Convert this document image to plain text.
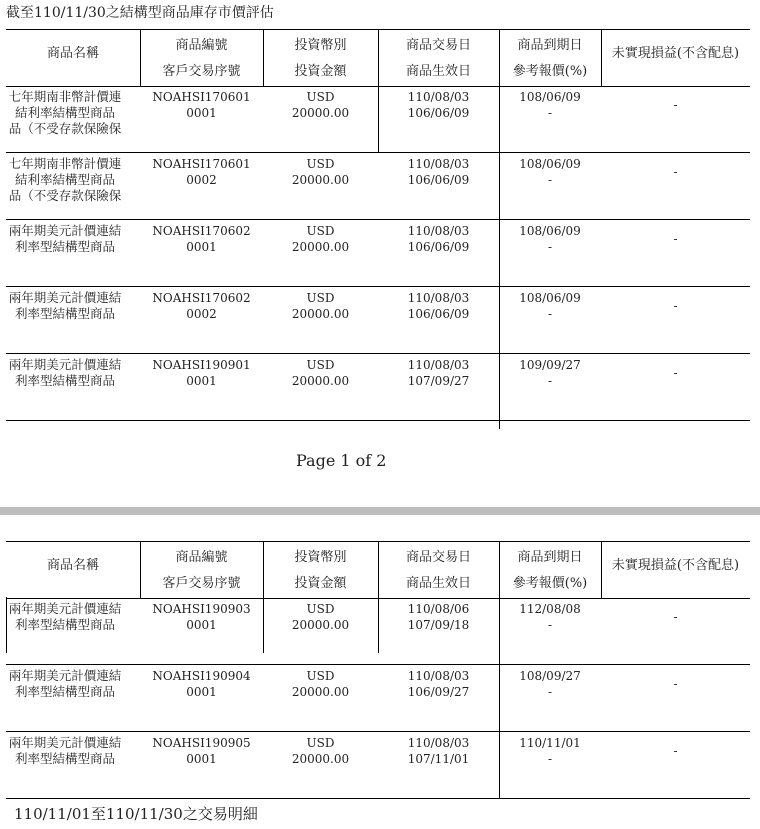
截至110/11/30之結構型商品庫存市價評估
商品名稱
商品編號
客戶交易序號
投資幣別
投資金額
商品交易日
商品生效日
商品到期日
參考報價(%)
未實現損益(不含配息)
七年期南非幣計價連
結利率結構型商品
品（不受存款保險保
NOAHSI170601
0001
USD
20000.00
110/08/03
106/06/09
108/06/09
-
-
七年期南非幣計價連
結利率結構型商品
品（不受存款保險保
NOAHSI170601
0002
USD
20000.00
110/08/03
106/06/09
108/06/09
-
-
兩年期美元計價連結
利率型結構型商品
NOAHSI170602
0001
USD
20000.00
110/08/03
106/06/09
108/06/09
-
-
兩年期美元計價連結
利率型結構型商品
NOAHSI170602
0002
USD
20000.00
110/08/03
106/06/09
108/06/09
-
-
兩年期美元計價連結
利率型結構型商品
NOAHSI190901
0001
USD
20000.00
110/08/03
107/09/27
109/09/27
-
-
Page 1 of 2
商品名稱
商品編號
客戶交易序號
投資幣別
投資金額
商品交易日
商品生效日
商品到期日
參考報價(%)
未實現損益(不含配息)
兩年期美元計價連結
利率型結構型商品
NOAHSI190903
0001
USD
20000.00
110/08/06
107/09/18
112/08/08
-
-
兩年期美元計價連結
利率型結構型商品
NOAHSI190904
0001
USD
20000.00
110/08/03
106/09/27
108/09/27
-
-
兩年期美元計價連結
利率型結構型商品
NOAHSI190905
0001
USD
20000.00
110/08/03
107/11/01
110/11/01
-
-
110/11/01至110/11/30之交易明細
